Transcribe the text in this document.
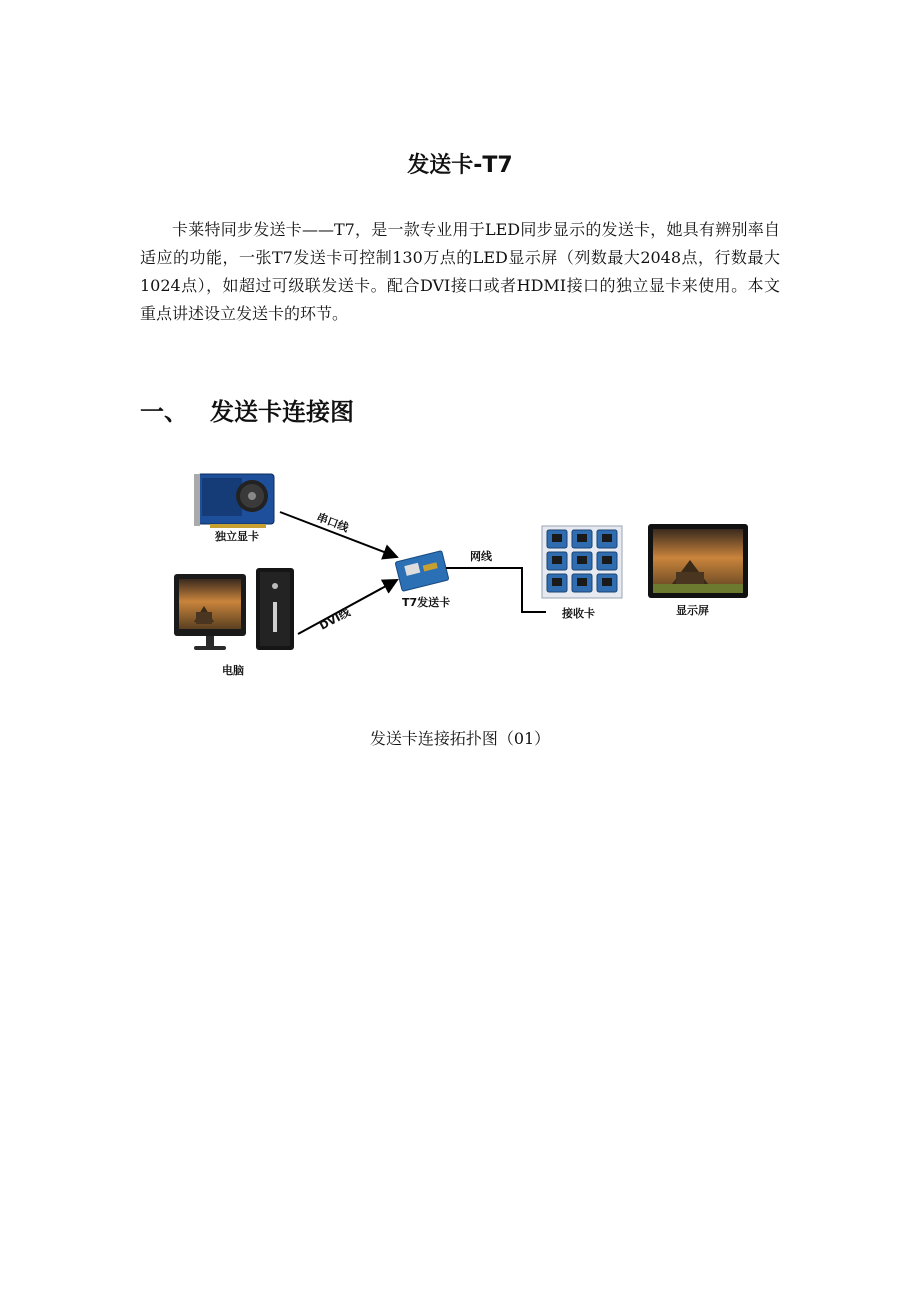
发送卡-T7

卡莱特同步发送卡——T7，是一款专业用于LED同步显示的发送卡，她具有辨别率自适应的功能，一张T7发送卡可控制130万点的LED显示屏（列数最大2048点，行数最大1024点），如超过可级联发送卡。配合DVI接口或者HDMI接口的独立显卡来使用。本文重点讲述设立发送卡的环节。

一、 发送卡连接图
独立显卡
电脑
串口线
DVI线
T7发送卡
网线
接收卡	显示屏
发送卡连接拓扑图（01）
